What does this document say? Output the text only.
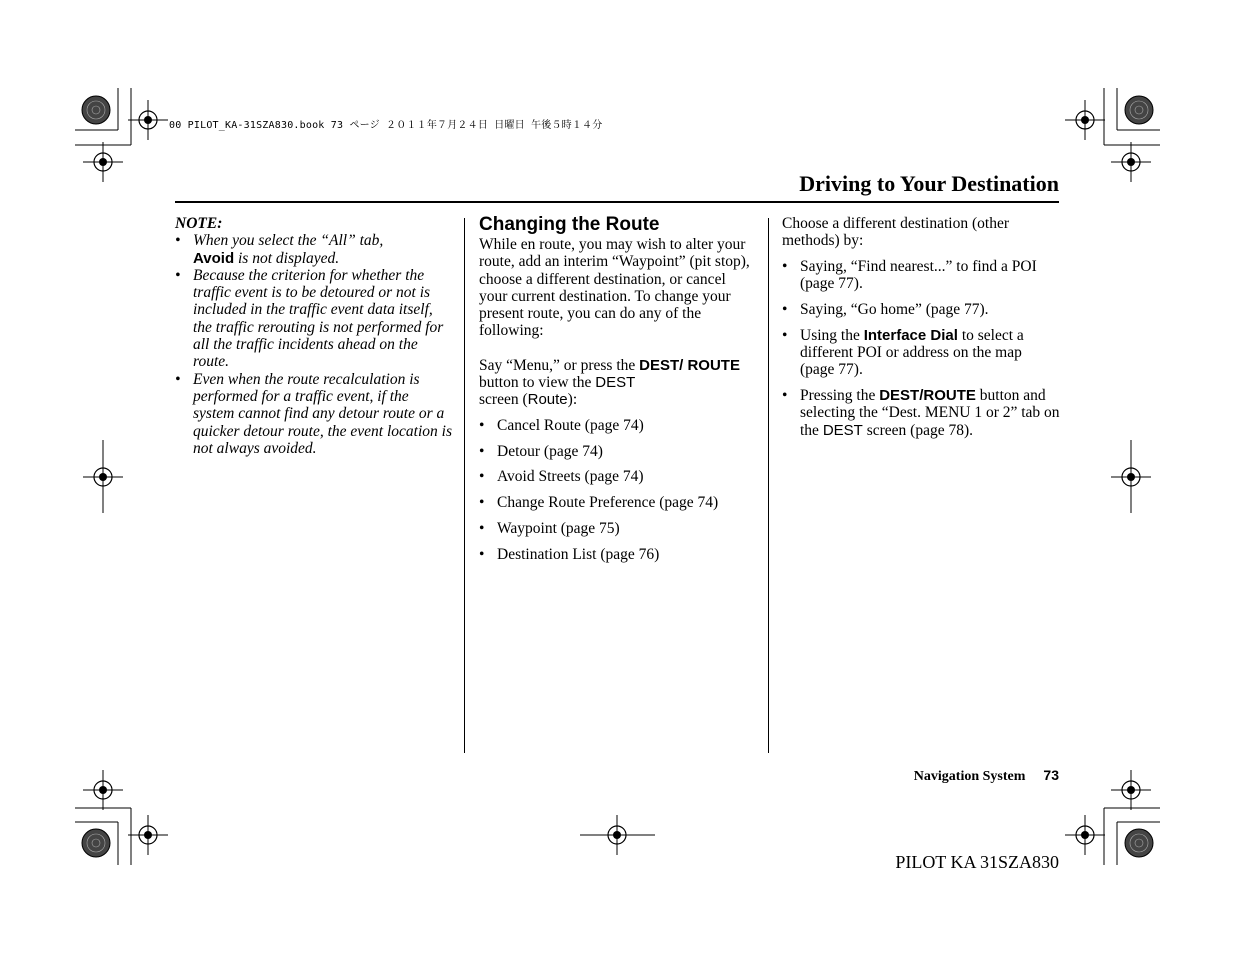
00 PILOT_KA-31SZA830.book 73 ページ ２０１１年７月２４日 日曜日 午後５時１４分
Driving to Your Destination

NOTE:

• When you select the “All” tab,
Avoid is not displayed.
• Because the criterion for whether the traffic event is to be detoured or not is included in the traffic event data itself, the traffic rerouting is not performed for all the traffic incidents ahead on the route.
• Even when the route recalculation is performed for a traffic event, if the system cannot find any detour route or a quicker detour route, the event location is not always avoided.
Changing the Route

While en route, you may wish to alter your route, add an interim “Waypoint” (pit stop), choose a different destination, or cancel your current destination. To change your present route, you can do any of the following:

Say “Menu,” or press the DEST/ ROUTE button to view the DEST
screen (Route):

• Cancel Route (page 74)
• Detour (page 74)
• Avoid Streets (page 74)
• Change Route Preference (page 74)
• Waypoint (page 75)
• Destination List (page 76)

Choose a different destination (other methods) by:

• Saying, “Find nearest...” to find a POI (page 77).
• Saying, “Go home” (page 77).
• Using the Interface Dial to select a different POI or address on the map (page 77).
• Pressing the DEST/ROUTE button and selecting the “Dest. MENU 1 or 2” tab on the DEST screen (page 78).
Navigation System 73
PILOT KA 31SZA830
